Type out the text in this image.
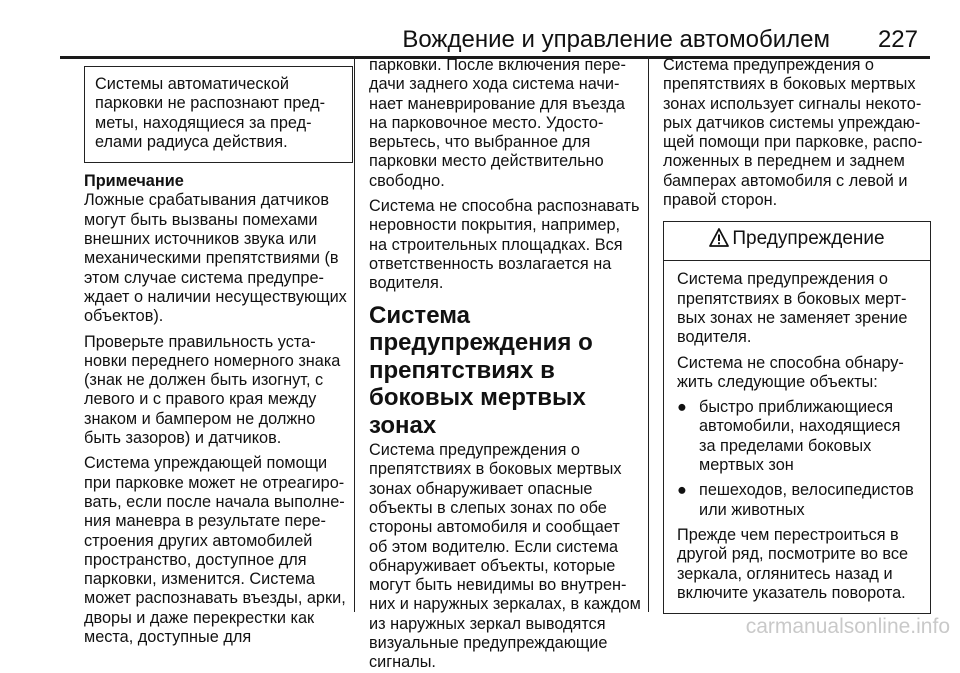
Вождение и управление автомобилем 227
Системы автоматической парковки не распознают предметы, находящиеся за пределами радиуса действия.

Примечание

Ложные срабатывания датчиков могут быть вызваны помехами внешних источников звука или механическими препятствиями (в этом случае система предупреждает о наличии несуществующих объектов).

Проверьте правильность установки переднего номерного знака (знак не должен быть изогнут, с левого и с правого края между знаком и бампером не должно быть зазоров) и датчиков.

Система упреждающей помощи при парковке может не отреагировать, если после начала выполнения маневра в результате перестроения других автомобилей пространство, доступное для парковки, изменится. Система может распознавать въезды, арки, дворы и даже перекрестки как места, доступные для

парковки. После включения передачи заднего хода система начинает маневрирование для въезда на парковочное место. Удостоверьтесь, что выбранное для парковки место действительно свободно.

Система не способна распознавать неровности покрытия, например, на строительных площадках. Вся ответственность возлагается на водителя.

Система предупреждения о препятствиях в боковых мертвых зонах

Система предупреждения о препятствиях в боковых мертвых зонах обнаруживает опасные объекты в слепых зонах по обе стороны автомобиля и сообщает об этом водителю. Если система обнаруживает объекты, которые могут быть невидимы во внутренних и наружных зеркалах, в каждом из наружных зеркал выводятся визуальные предупреждающие сигналы.

Система предупреждения о препятствиях в боковых мертвых зонах использует сигналы некоторых датчиков системы упреждающей помощи при парковке, расположенных в переднем и заднем бамперах автомобиля с левой и правой сторон.

Предупреждение

Система предупреждения о препятствиях в боковых мертвых зонах не заменяет зрение водителя.

Система не способна обнаружить следующие объекты:

● быстро приближающиеся автомобили, находящиеся за пределами боковых мертвых зон
● пешеходов, велосипедистов или животных

Прежде чем перестроиться в другой ряд, посмотрите во все зеркала, оглянитесь назад и включите указатель поворота.

carmanualsonline.info
